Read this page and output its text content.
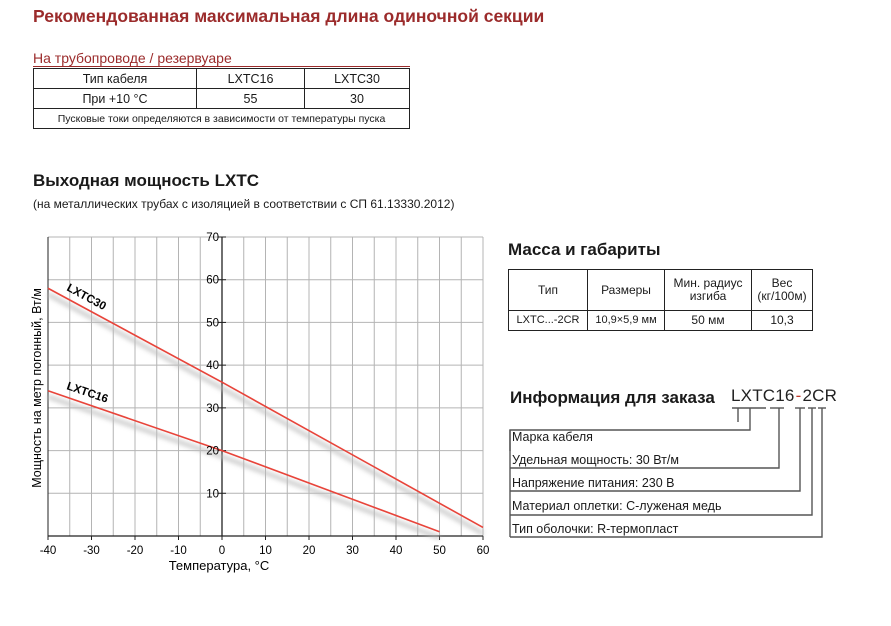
Рекомендованная максимальная длина одиночной секции
На трубопроводе / резервуаре
Тип кабеля	LXTC16	LXTC30
При +10 °C	55	30
Пусковые токи определяются в зависимости от температуры пуска		
Выходная мощность LXTC
(на металлических трубах с изоляцией в соответствии с СП 61.13330.2012)
LXTC30
LXTC16
-40 -30 -20 -10	0	10	20	30	40	50	60
10
20
30
40
50
60
70
Температура, °C
Мощность на метр погонный, Вт/м
Масса и габариты
Тип	Размеры	Мин. радиус изгиба	Вес (кг/100м)
LXTC...-2CR	10,9×5,9 мм	50 мм	10,3
Информация для заказа LXTC16-2CR
Марка кабеля
Удельная мощность: 30 Вт/м
Напряжение питания: 230 В
Материал оплетки: С-луженая медь
Тип оболочки: R-термопласт
